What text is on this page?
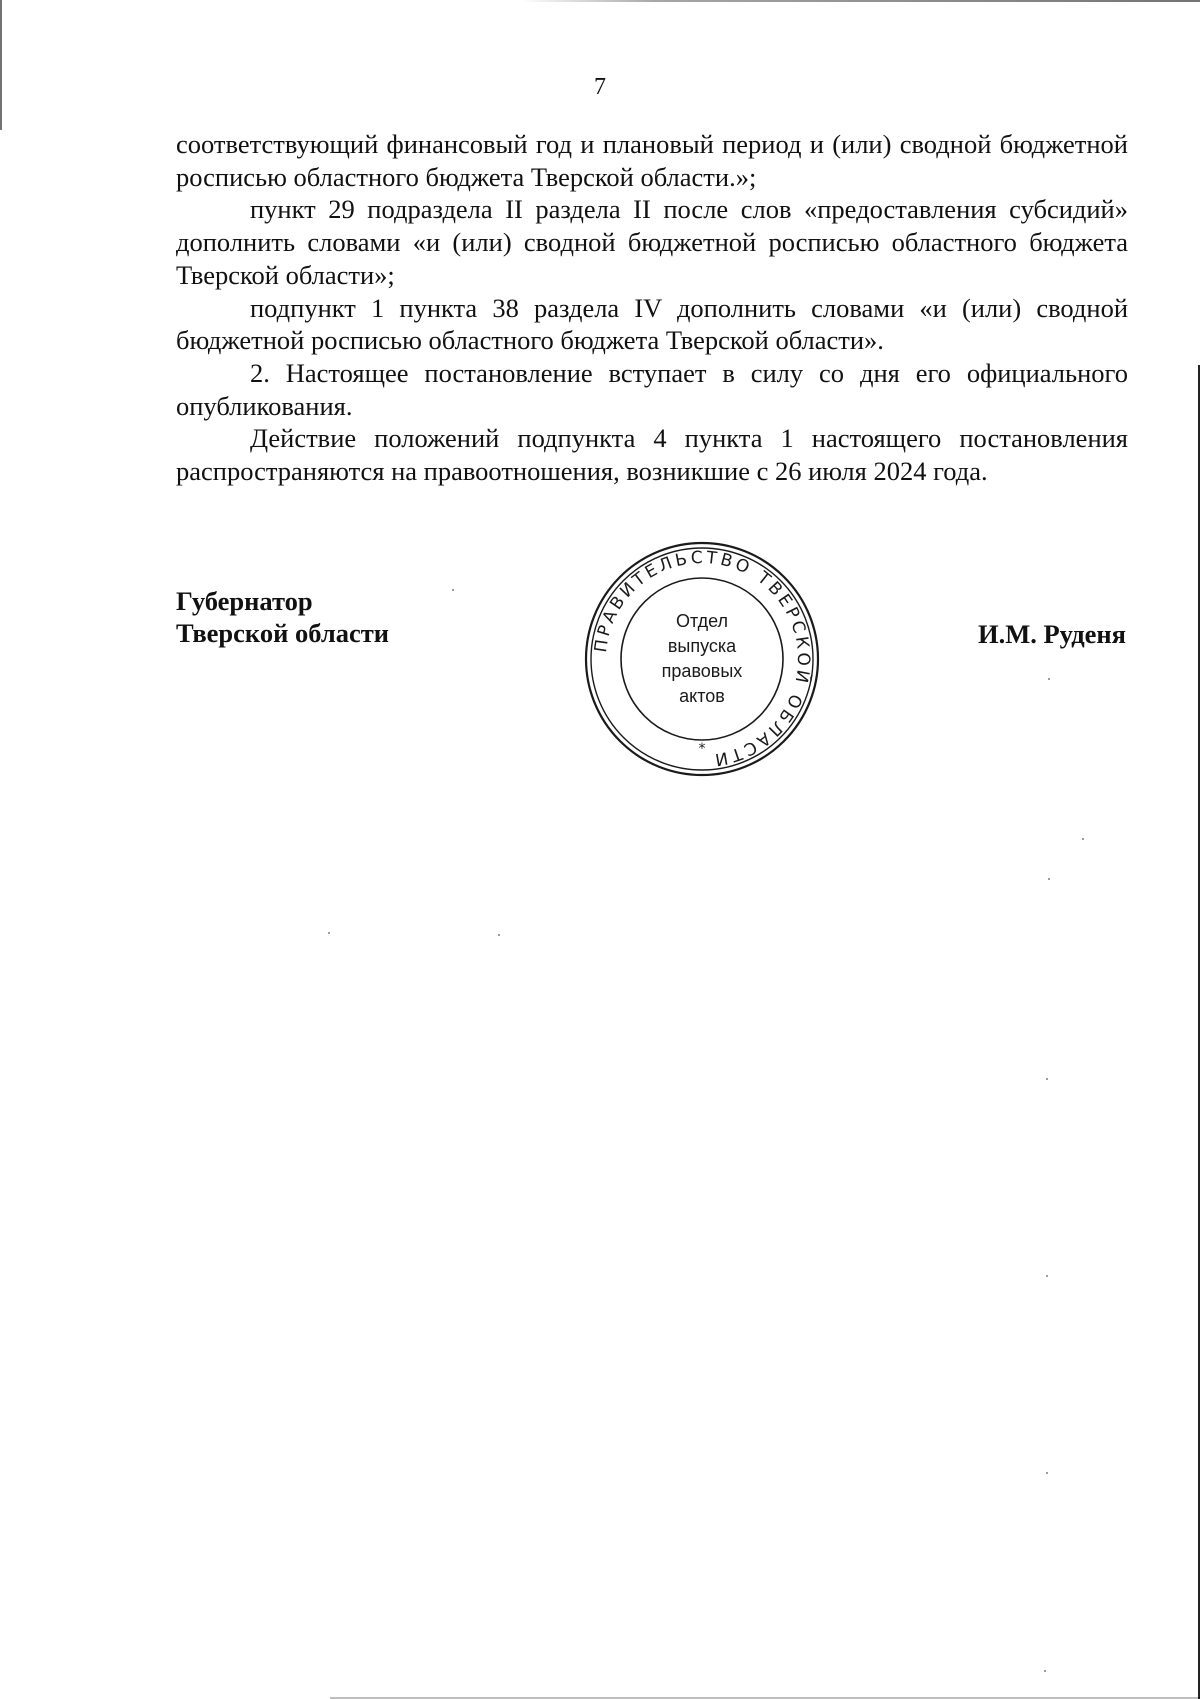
7

соответствующий финансовый год и плановый период и (или) сводной бюджетной росписью областного бюджета Тверской области.»;

пункт 29 подраздела II раздела II после слов «предоставления субсидий» дополнить словами «и (или) сводной бюджетной росписью областного бюджета Тверской области»;

подпункт 1 пункта 38 раздела IV дополнить словами «и (или) сводной бюджетной росписью областного бюджета Тверской области».

2. Настоящее постановление вступает в силу со дня его официального опубликования.

Действие положений подпункта 4 пункта 1 настоящего постановления распространяются на правоотношения, возникшие с 26 июля 2024 года.

Губернатор
Тверской области	И.М. Руденя
ПРАВИТЕЛЬСТВО ТВЕРСКОЙ ОБЛАСТИ
*
Отдел
выпуска
правовых
актов
